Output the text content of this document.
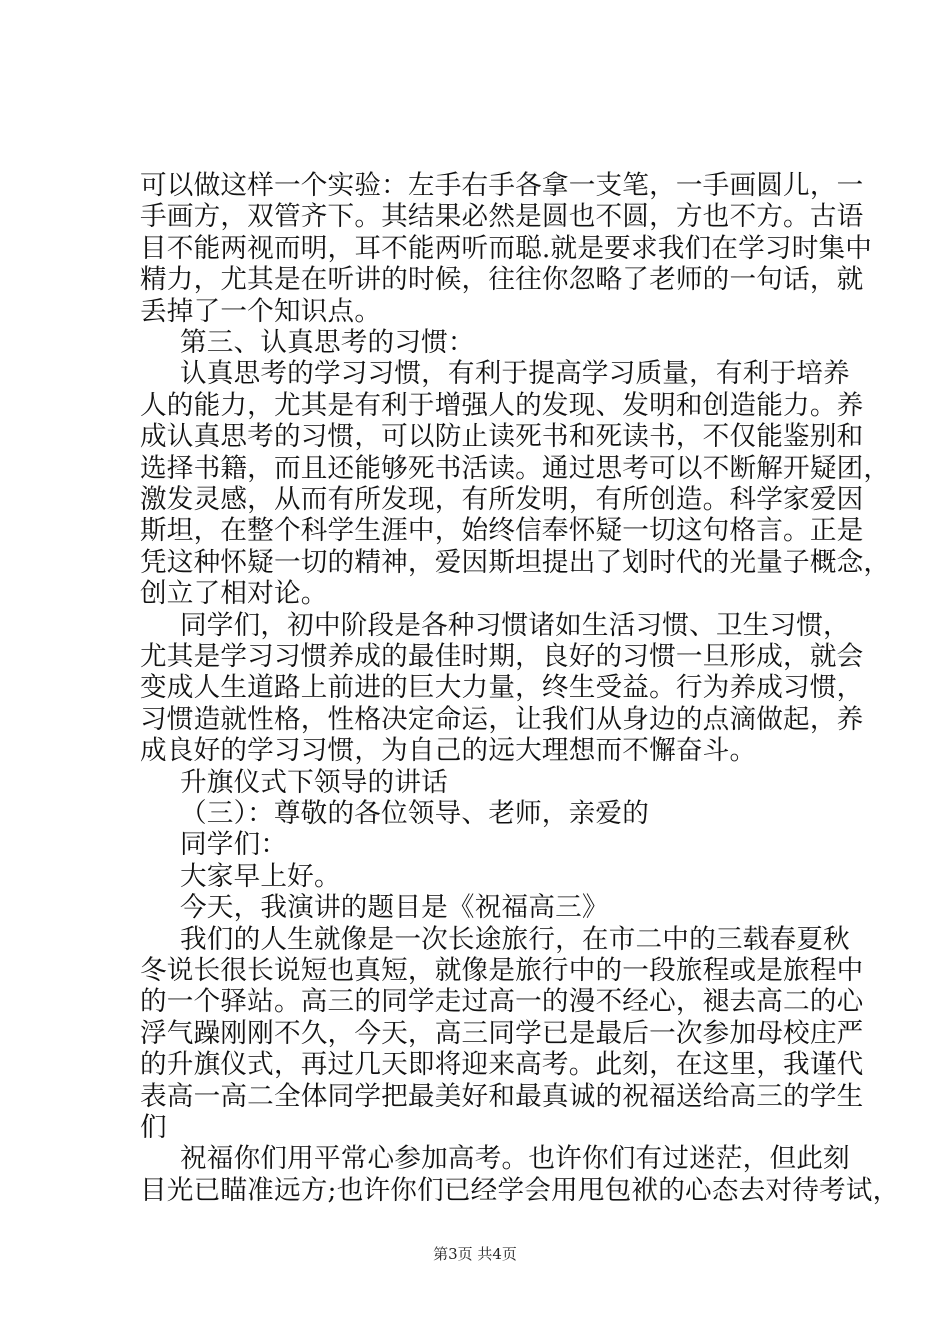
可以做这样一个实验：左手右手各拿一支笔，一手画圆儿，一
手画方，双管齐下。其结果必然是圆也不圆，方也不方。古语
目不能两视而明，耳不能两听而聪.就是要求我们在学习时集中
精力，尤其是在听讲的时候，往往你忽略了老师的一句话，就
丢掉了一个知识点。
第三、认真思考的习惯：
认真思考的学习习惯，有利于提高学习质量，有利于培养
人的能力，尤其是有利于增强人的发现、发明和创造能力。养
成认真思考的习惯，可以防止读死书和死读书，不仅能鉴别和
选择书籍，而且还能够死书活读。通过思考可以不断解开疑团，
激发灵感，从而有所发现，有所发明，有所创造。科学家爱因
斯坦，在整个科学生涯中，始终信奉怀疑一切这句格言。正是
凭这种怀疑一切的精神，爱因斯坦提出了划时代的光量子概念，
创立了相对论。
同学们，初中阶段是各种习惯诸如生活习惯、卫生习惯，
尤其是学习习惯养成的最佳时期，良好的习惯一旦形成，就会
变成人生道路上前进的巨大力量，终生受益。行为养成习惯，
习惯造就性格，性格决定命运，让我们从身边的点滴做起，养
成良好的学习习惯，为自己的远大理想而不懈奋斗。
升旗仪式下领导的讲话
（三）：尊敬的各位领导、老师，亲爱的
同学们：
大家早上好。
今天，我演讲的题目是《祝福高三》
我们的人生就像是一次长途旅行，在市二中的三载春夏秋
冬说长很长说短也真短，就像是旅行中的一段旅程或是旅程中
的一个驿站。高三的同学走过高一的漫不经心，褪去高二的心
浮气躁刚刚不久，今天，高三同学已是最后一次参加母校庄严
的升旗仪式，再过几天即将迎来高考。此刻，在这里，我谨代
表高一高二全体同学把最美好和最真诚的祝福送给高三的学生
们
祝福你们用平常心参加高考。也许你们有过迷茫，但此刻
第3页 共4页
目光已瞄准远方;也许你们已经学会用甩包袱的心态去对待考试，
